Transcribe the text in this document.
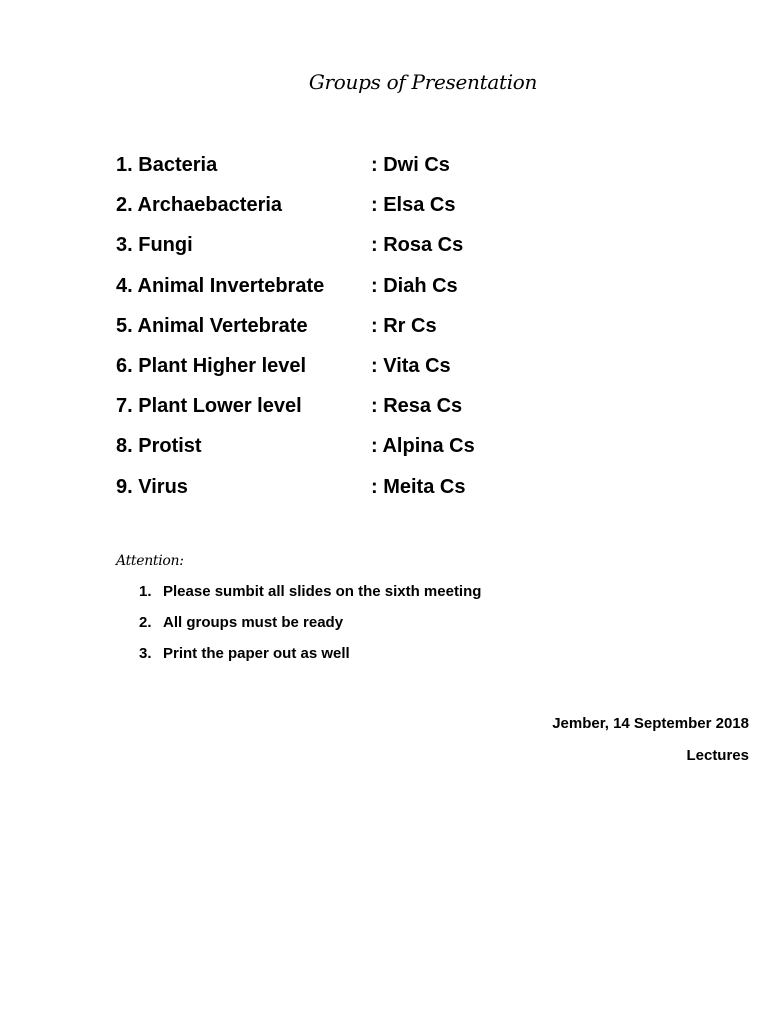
Groups of Presentation
1. Bacteria	: Dwi Cs
2. Archaebacteria	: Elsa Cs
3. Fungi	: Rosa Cs
4. Animal Invertebrate : Diah Cs
5. Animal Vertebrate	: Rr Cs
6. Plant Higher level	: Vita Cs
7. Plant Lower level	: Resa Cs
8. Protist	: Alpina Cs
9. Virus	: Meita Cs
Attention:
1. Please sumbit all slides on the sixth meeting
2. All groups must be ready
3. Print the paper out as well

Jember, 14 September 2018

Lectures
